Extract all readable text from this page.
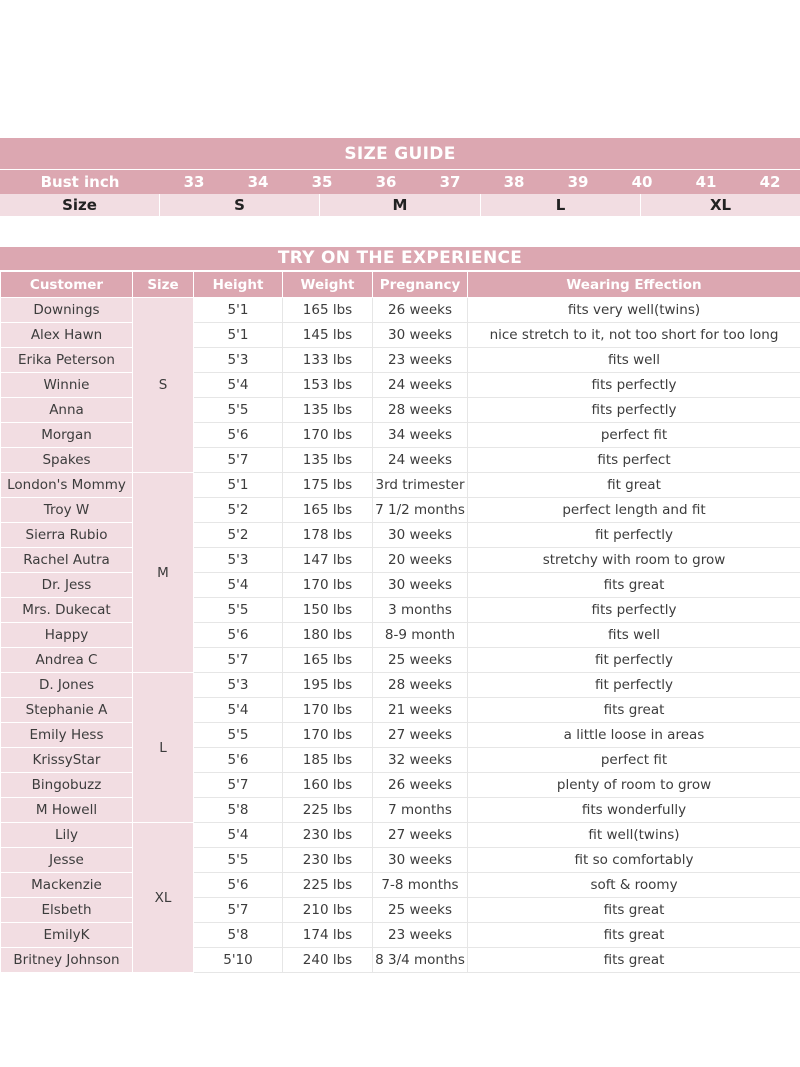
SIZE GUIDE
Bust inch	33	34	35	36	37	38	39	40	41	42
Size	S	M	L	XL
TRY ON THE EXPERIENCE
Customer	Size	Height	Weight	Pregnancy	Wearing Effection
Downings	S	5'1	165 lbs	26 weeks	fits very well(twins)
Alex Hawn		5'1	145 lbs	30 weeks	nice stretch to it, not too short for too long
Erika Peterson		5'3	133 lbs	23 weeks	fits well
Winnie		5'4	153 lbs	24 weeks	fits perfectly
Anna		5'5	135 lbs	28 weeks	fits perfectly
Morgan		5'6	170 lbs	34 weeks	perfect fit
Spakes		5'7	135 lbs	24 weeks	fits perfect
London's Mommy	M	5'1	175 lbs	3rd trimester	fit great
Troy W		5'2	165 lbs	7 1/2 months	perfect length and fit
Sierra Rubio		5'2	178 lbs	30 weeks	fit perfectly
Rachel Autra		5'3	147 lbs	20 weeks	stretchy with room to grow
Dr. Jess		5'4	170 lbs	30 weeks	fits great
Mrs. Dukecat		5'5	150 lbs	3 months	fits perfectly
Happy		5'6	180 lbs	8-9 month	fits well
Andrea C		5'7	165 lbs	25 weeks	fit perfectly
D. Jones	L	5'3	195 lbs	28 weeks	fit perfectly
Stephanie A		5'4	170 lbs	21 weeks	fits great
Emily Hess		5'5	170 lbs	27 weeks	a little loose in areas
KrissyStar		5'6	185 lbs	32 weeks	perfect fit
Bingobuzz		5'7	160 lbs	26 weeks	plenty of room to grow
M Howell		5'8	225 lbs	7 months	fits wonderfully
Lily	XL	5'4	230 lbs	27 weeks	fit well(twins)
Jesse		5'5	230 lbs	30 weeks	fit so comfortably
Mackenzie		5'6	225 lbs	7-8 months	soft & roomy
Elsbeth		5'7	210 lbs	25 weeks	fits great
EmilyK		5'8	174 lbs	23 weeks	fits great
Britney Johnson		5'10	240 lbs	8 3/4 months	fits great
